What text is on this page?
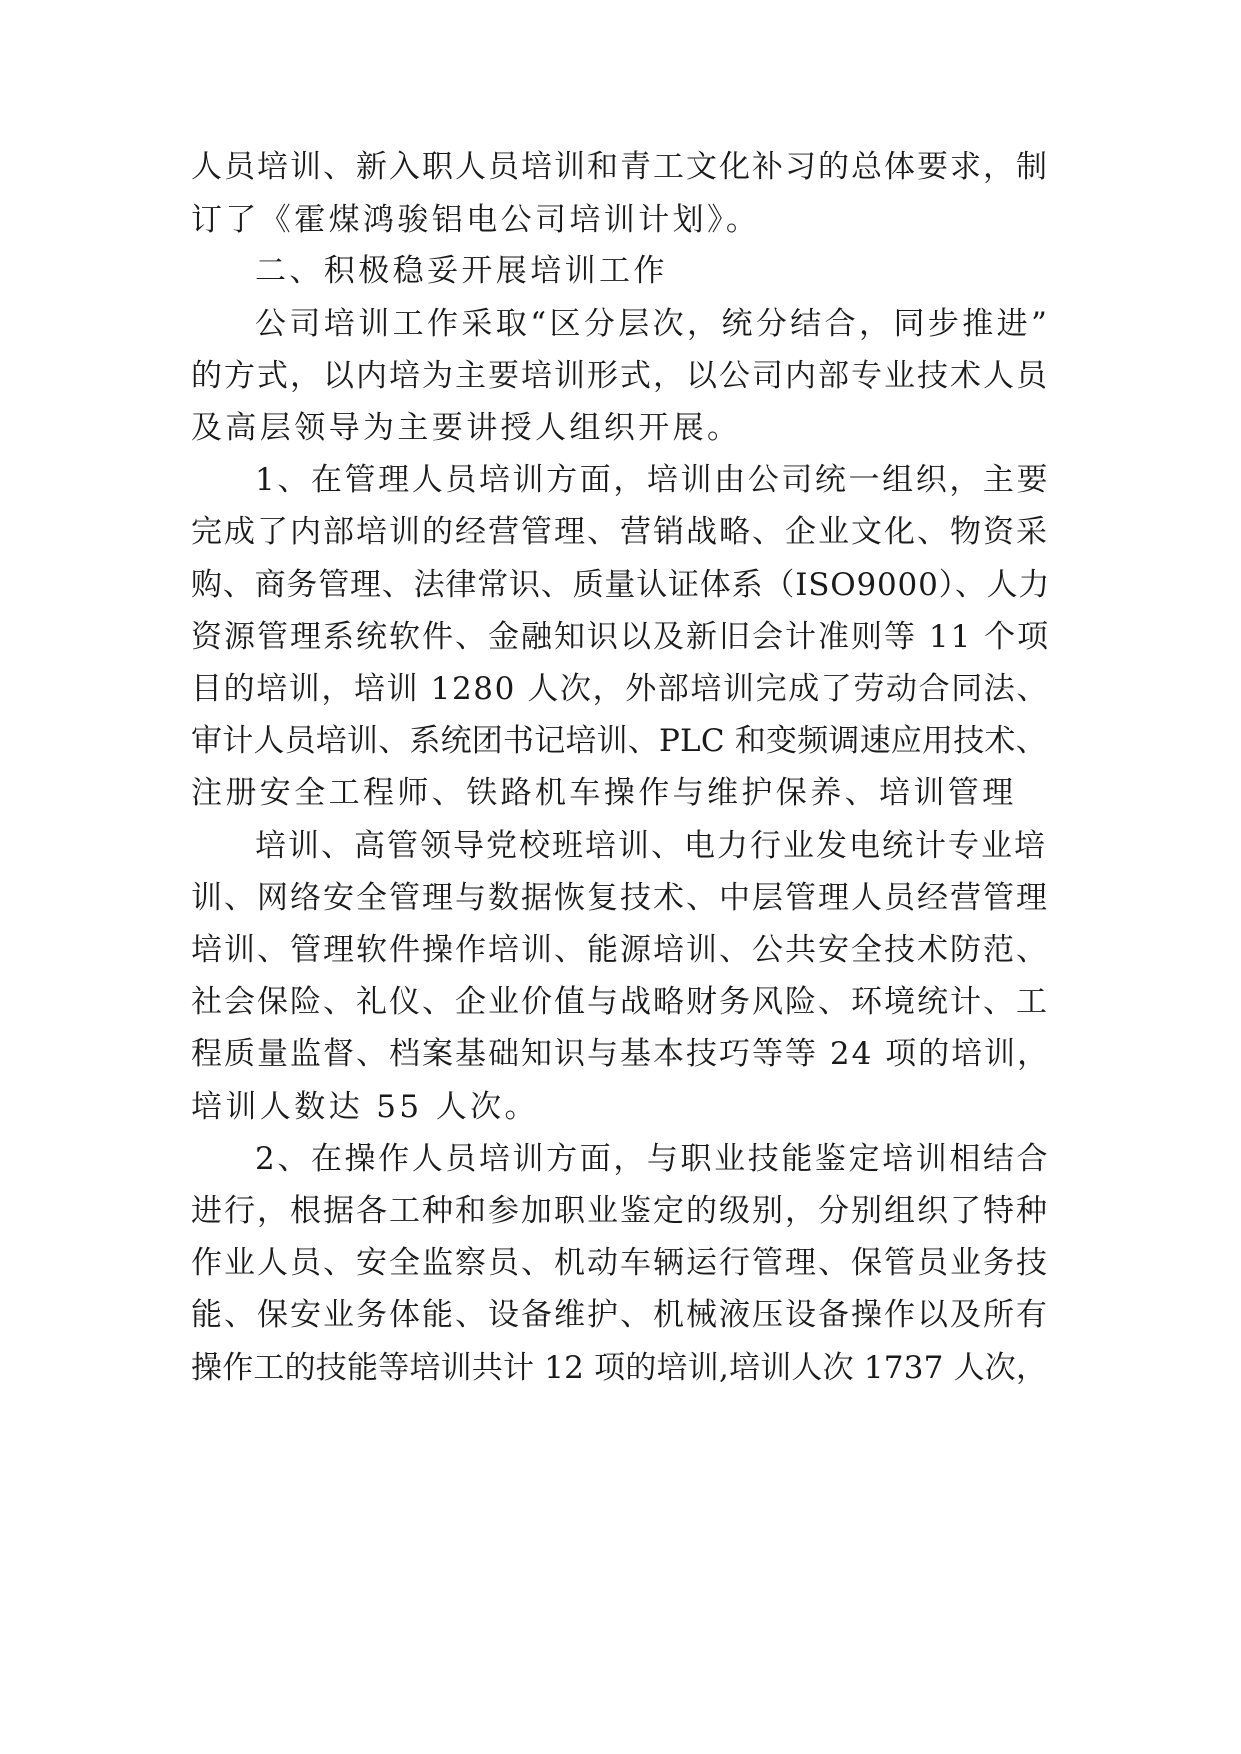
人员培训、新入职人员培训和青工文化补习的总体要求，制
订了《霍煤鸿骏铝电公司培训计划》。
二、积极稳妥开展培训工作
公司培训工作采取“区分层次，统分结合，同步推进”
的方式，以内培为主要培训形式，以公司内部专业技术人员
及高层领导为主要讲授人组织开展。
1、在管理人员培训方面，培训由公司统一组织，主要
完成了内部培训的经营管理、营销战略、企业文化、物资采
购、商务管理、法律常识、质量认证体系（ISO9000）、人力
资源管理系统软件、金融知识以及新旧会计准则等 11 个项
目的培训，培训 1280 人次，外部培训完成了劳动合同法、
审计人员培训、系统团书记培训、PLC 和变频调速应用技术、
注册安全工程师、铁路机车操作与维护保养、培训管理
培训、高管领导党校班培训、电力行业发电统计专业培
训、网络安全管理与数据恢复技术、中层管理人员经营管理
培训、管理软件操作培训、能源培训、公共安全技术防范、
社会保险、礼仪、企业价值与战略财务风险、环境统计、工
程质量监督、档案基础知识与基本技巧等等 24 项的培训，
培训人数达 55 人次。
2、在操作人员培训方面，与职业技能鉴定培训相结合
进行，根据各工种和参加职业鉴定的级别，分别组织了特种
作业人员、安全监察员、机动车辆运行管理、保管员业务技
能、保安业务体能、设备维护、机械液压设备操作以及所有
操作工的技能等培训共计 12 项的培训,培训人次 1737 人次，
